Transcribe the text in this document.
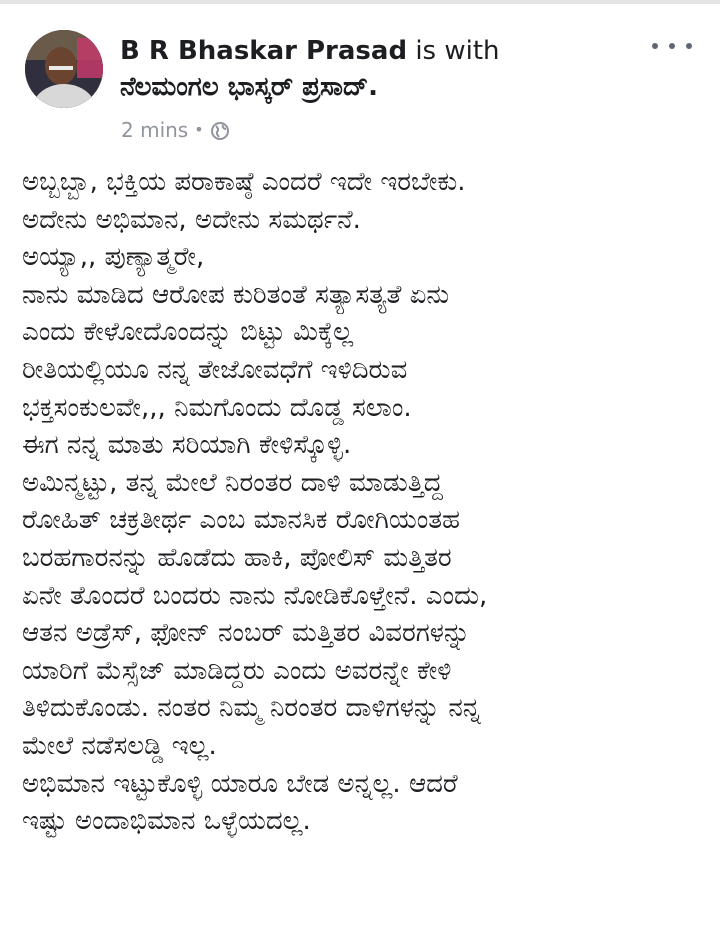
B R Bhaskar Prasad is with
ನೆಲಮಂಗಲ ಭಾಸ್ಕರ್ ಪ್ರಸಾದ್.
2 mins •
ಅಬ್ಬಬ್ಬಾ, ಭಕ್ತಿಯ ಪರಾಕಾಷ್ಠೆ ಎಂದರೆ ಇದೇ ಇರಬೇಕು.
ಅದೇನು ಅಭಿಮಾನ, ಅದೇನು ಸಮರ್ಥನೆ.
ಅಯ್ಯಾ,, ಪುಣ್ಯಾತ್ಮರೇ,
ನಾನು ಮಾಡಿದ ಆರೋಪ ಕುರಿತಂತೆ ಸತ್ಯಾಸತ್ಯತೆ ಏನು
ಎಂದು ಕೇಳೋದೊಂದನ್ನು ಬಿಟ್ಟು ಮಿಕ್ಕೆಲ್ಲ
ರೀತಿಯಲ್ಲಿಯೂ ನನ್ನ ತೇಜೋವಧೆಗೆ ಇಳಿದಿರುವ
ಭಕ್ತಸಂಕುಲವೇ,,, ನಿಮಗೊಂದು ದೊಡ್ಡ ಸಲಾಂ.
ಈಗ ನನ್ನ ಮಾತು ಸರಿಯಾಗಿ ಕೇಳಿಸ್ಕೊಳ್ಳಿ.
ಅಮಿನ್ಮಟ್ಟು, ತನ್ನ ಮೇಲೆ ನಿರಂತರ ದಾಳಿ ಮಾಡುತ್ತಿದ್ದ
ರೋಹಿತ್ ಚಕ್ರತೀರ್ಥ ಎಂಬ ಮಾನಸಿಕ ರೋಗಿಯಂತಹ
ಬರಹಗಾರನನ್ನು ಹೊಡೆದು ಹಾಕಿ, ಪೋಲಿಸ್ ಮತ್ತಿತರ
ಏನೇ ತೊಂದರೆ ಬಂದರು ನಾನು ನೋಡಿಕೊಳ್ತೇನೆ. ಎಂದು,
ಆತನ ಅಡ್ರೆಸ್, ಫೋನ್ ನಂಬರ್ ಮತ್ತಿತರ ವಿವರಗಳನ್ನು
ಯಾರಿಗೆ ಮೆಸ್ಸೆಜ್ ಮಾಡಿದ್ದರು ಎಂದು ಅವರನ್ನೇ ಕೇಳಿ
ತಿಳಿದುಕೊಂಡು. ನಂತರ ನಿಮ್ಮ ನಿರಂತರ ದಾಳಿಗಳನ್ನು ನನ್ನ
ಮೇಲೆ ನಡೆಸಲಡ್ಡಿ ಇಲ್ಲ.
ಅಭಿಮಾನ ಇಟ್ಟುಕೊಳ್ಳಿ ಯಾರೂ ಬೇಡ ಅನ್ನಲ್ಲ. ಆದರೆ
ಇಷ್ಟು ಅಂದಾಭಿಮಾನ ಒಳ್ಳೆಯದಲ್ಲ.
